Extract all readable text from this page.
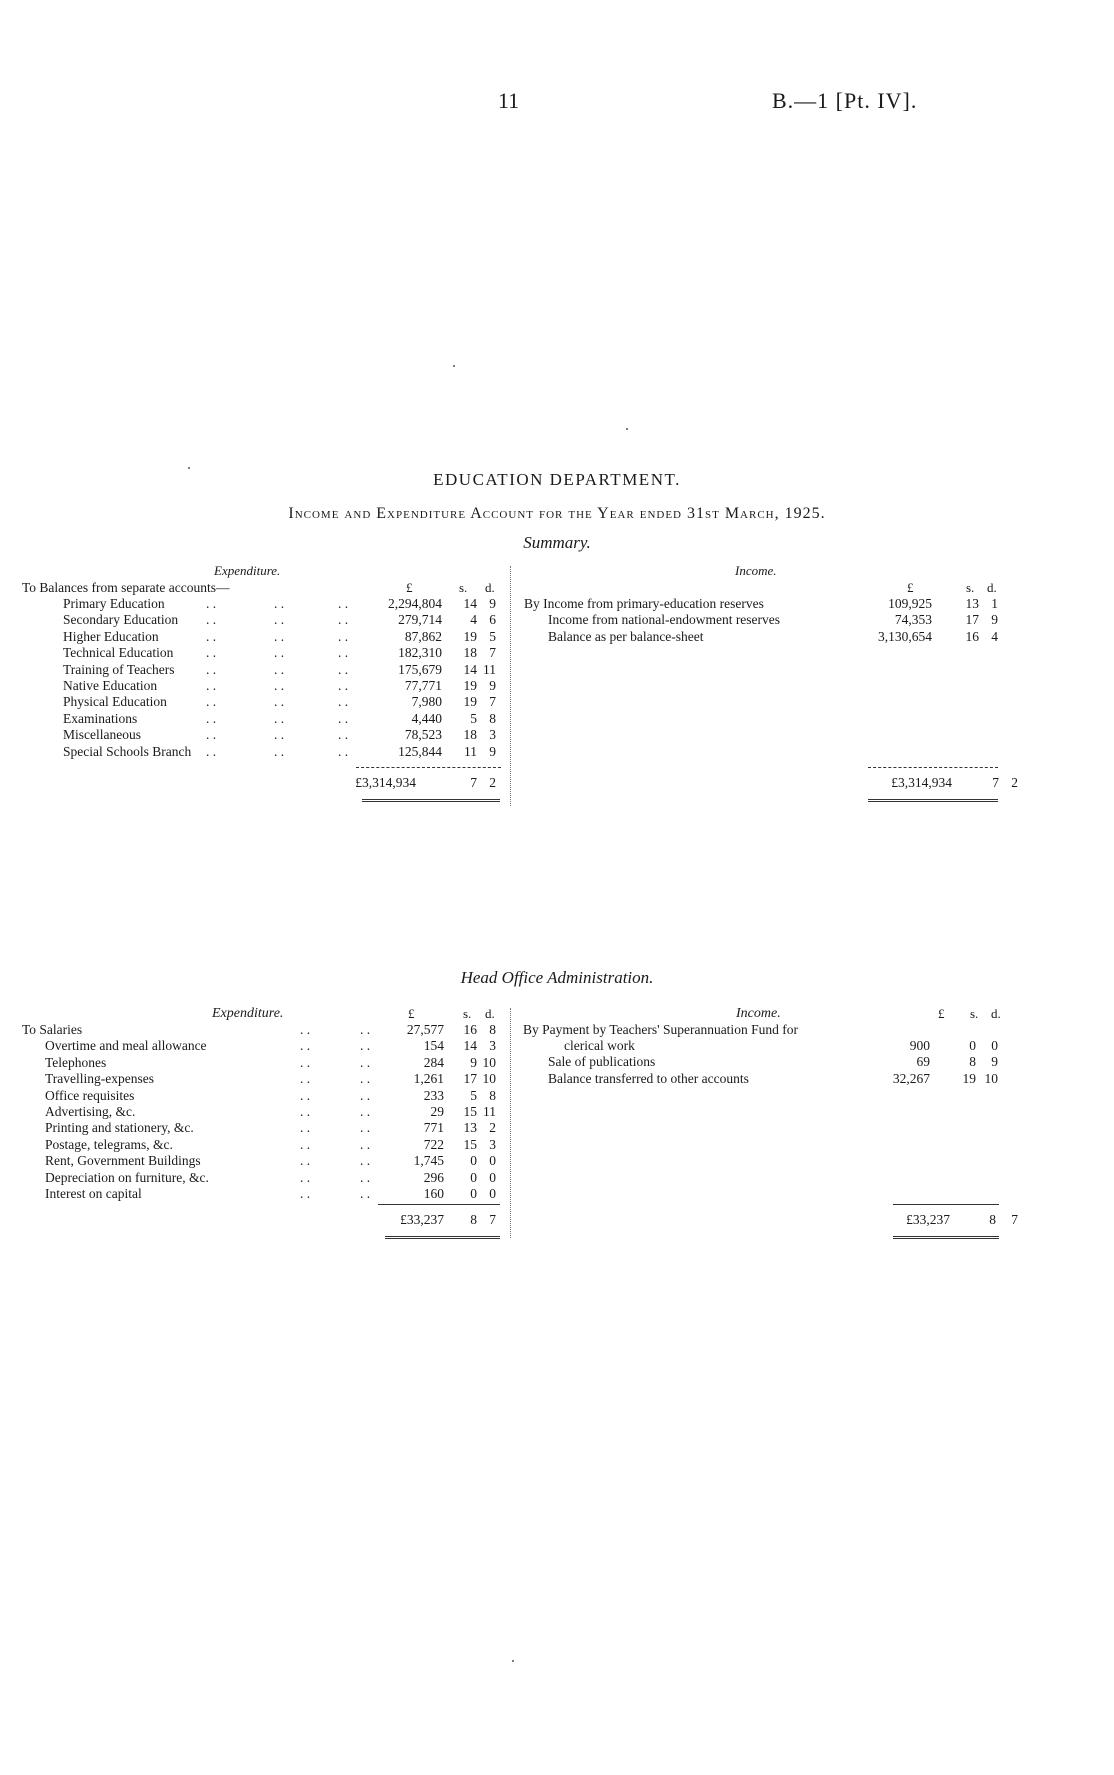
11	B.—1 [Pt. IV].
EDUCATION DEPARTMENT.
Income and Expenditure Account for the Year ended 31st March, 1925.
Summary.
Expenditure.	Income.
£	s. d.	£	s. d.
To Balances from separate accounts—
Primary Education	. .	. .	. .	2,294,804	14 9
Secondary Education . .	. .	. .	279,714	4 6
Higher Education	. .	. .	. .	87,862	19 5
Technical Education . .	. .	. .	182,310	18 7
Training of Teachers . .	. .	. .	175,679	14 11
Native Education	. .	. .	. .	77,771	19 9
Physical Education	. .	. .	. .	7,980	19 7
Examinations	. .	. .	. .	4,440	5 8
Miscellaneous	. .	. .	. .	78,523	18 3
Special Schools Branch . .	. .	. .	125,844	11 9
£3,314,934	7 2
By Income from primary-education reserves	109,925	13 1
Income from national-endowment reserves	74,353	17 9
Balance as per balance-sheet	3,130,654	16 4
£3,314,934	7 2
Head Office Administration.
Expenditure.	Income.
£	s. d.	£ s. d.
To Salaries	. .	. .	27,577	16 8
Overtime and meal allowance	. .	. .	154	14 3
Telephones	. .	. .	284	9 10
Travelling-expenses	. .	. .	1,261	17 10
Office requisites	. .	. .	233	5 8
Advertising, &c.	. .	. .	29	15 11
Printing and stationery, &c.	. .	. .	771	13 2
Postage, telegrams, &c.	. .	. .	722	15 3
Rent, Government Buildings	. .	. .	1,745	0 0
Depreciation on furniture, &c.	. .	. .	296	0 0
Interest on capital	. .	. .	160	0 0
£33,237	8 7
By Payment by Teachers' Superannuation Fund for
clerical work	900	0	0
Sale of publications	69	8	9
Balance transferred to other accounts	32,267	19 10
£33,237	8	7
